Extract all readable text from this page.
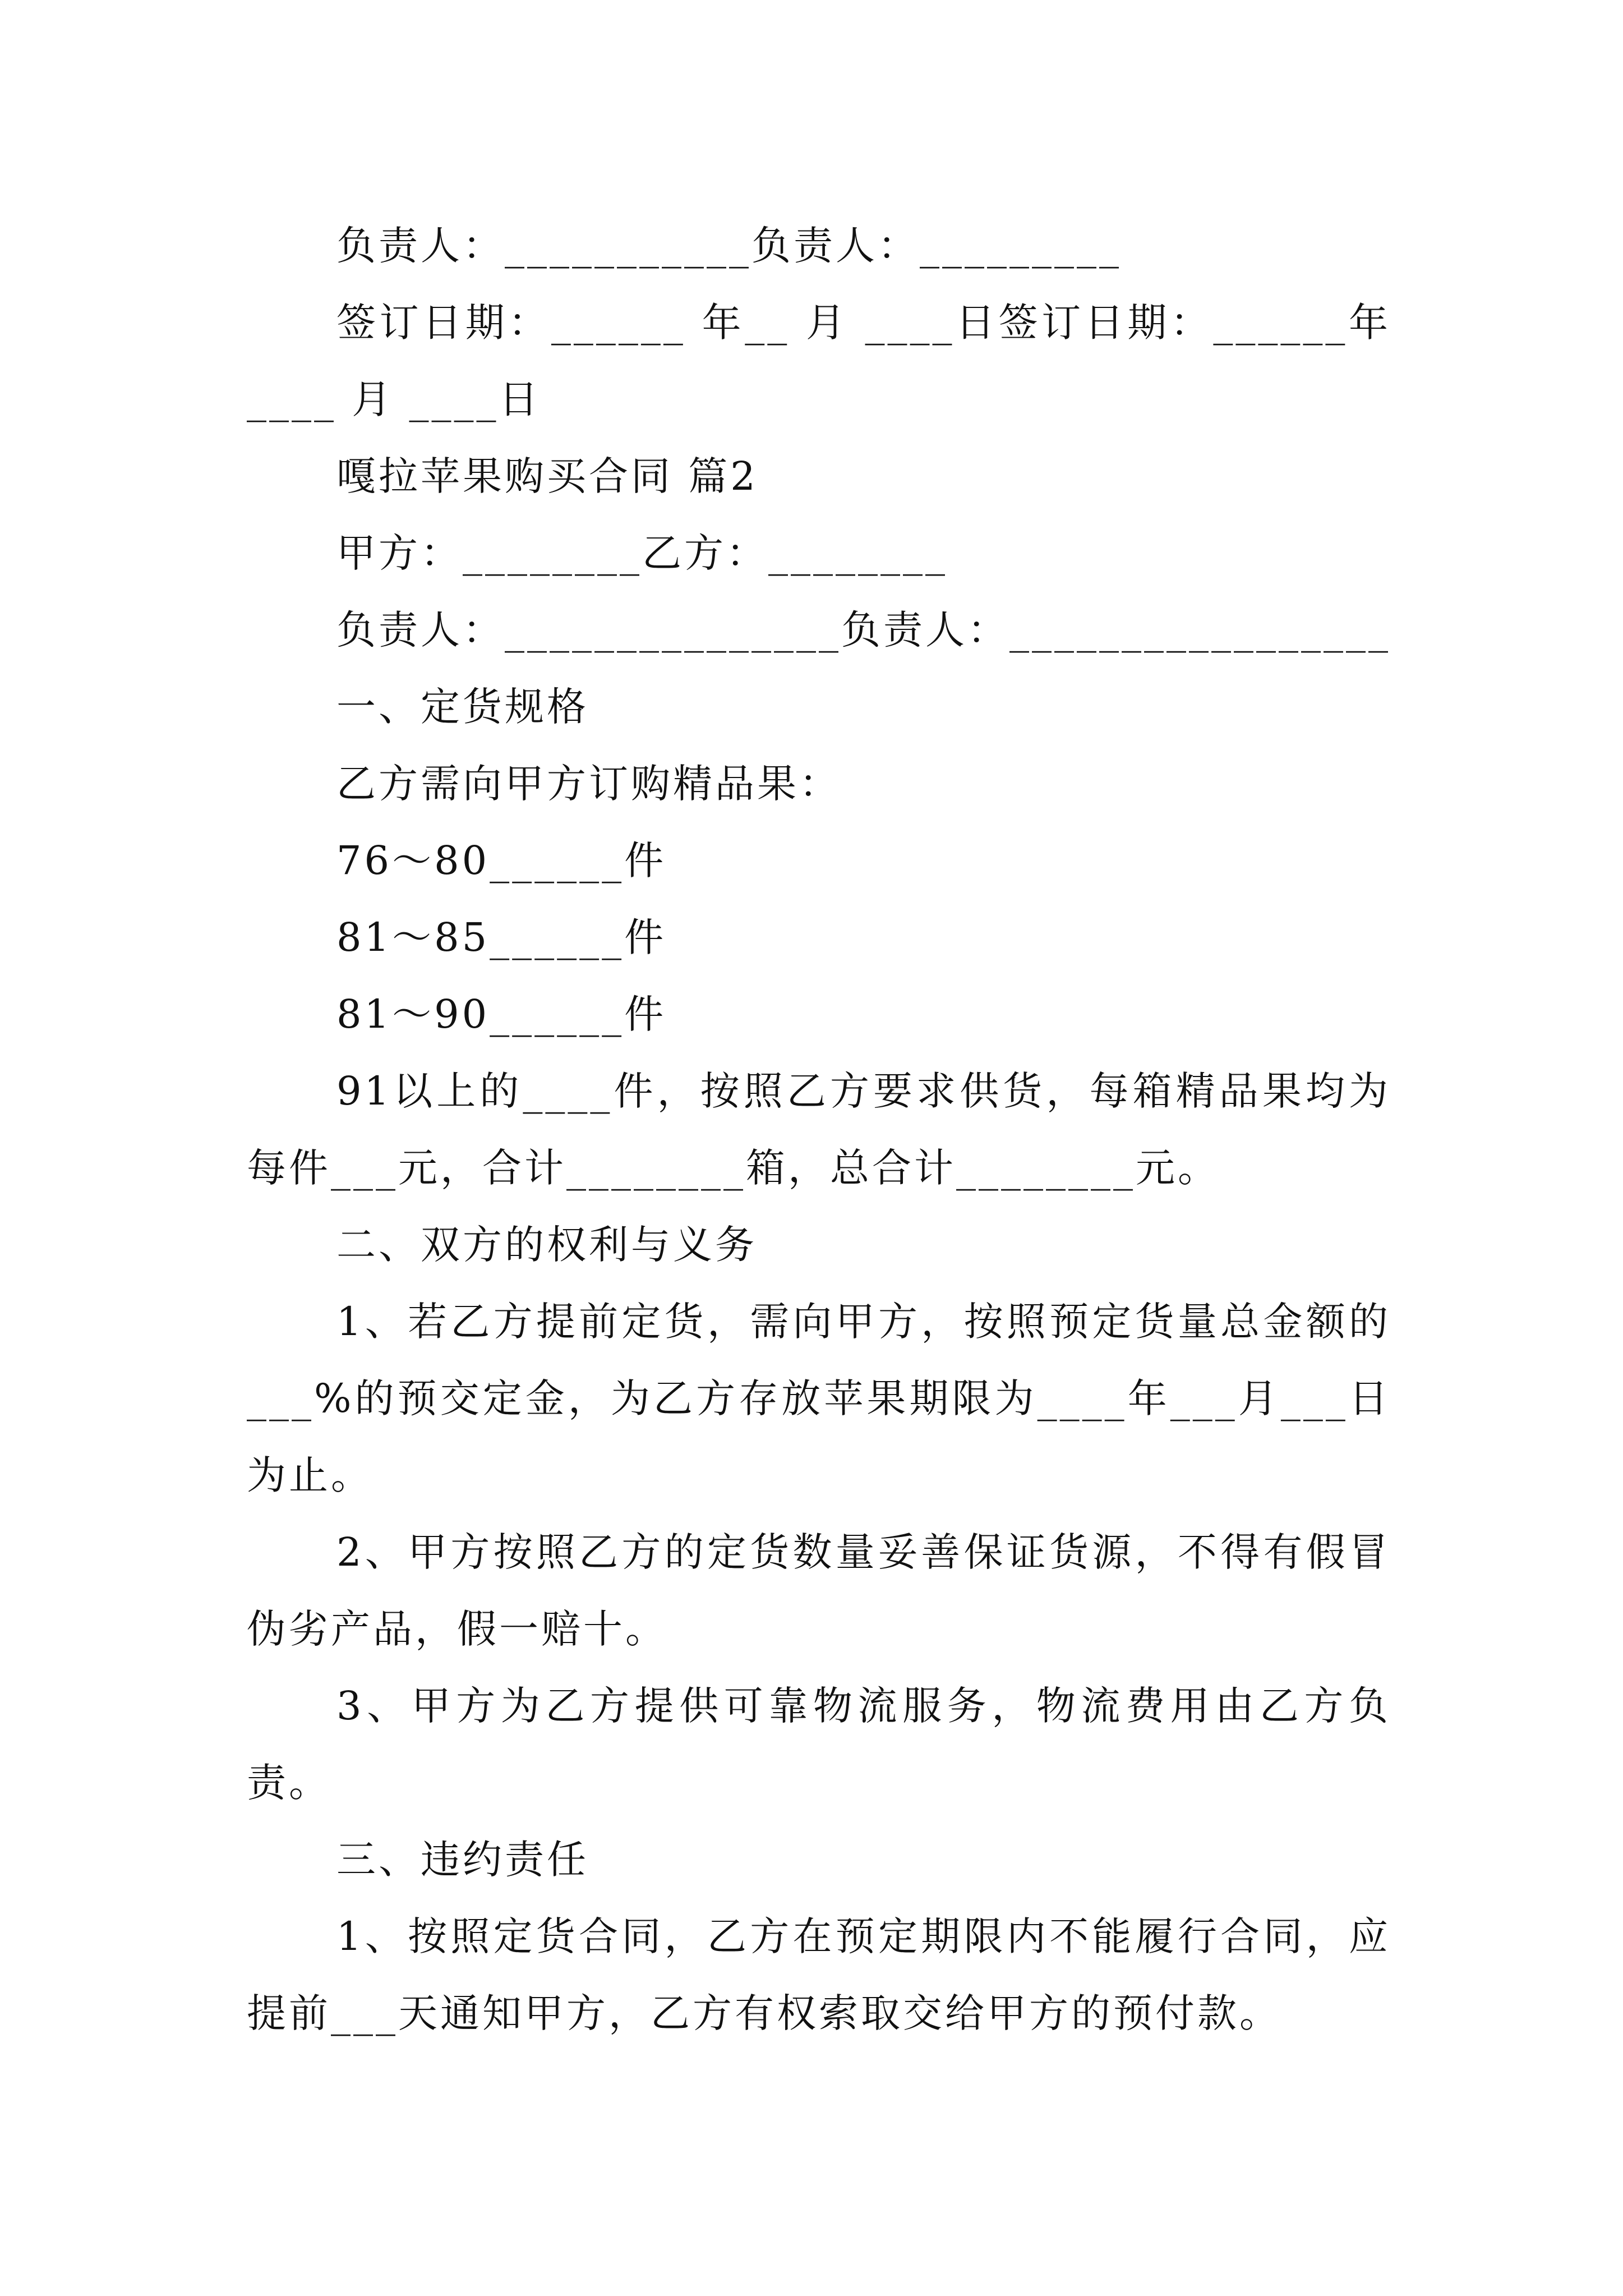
负责人：___________负责人：_________

签订日期：______ 年__ 月 ____日签订日期：______年____ 月 ____日

嘎拉苹果购买合同 篇2

甲方：________乙方：________

负责人：_______________负责人：_________________

一、定货规格

乙方需向甲方订购精品果：

76～80______件

81～85______件

81～90______件

91以上的____件，按照乙方要求供货，每箱精品果均为每件___元，合计________箱，总合计________元。

二、双方的权利与义务

1、若乙方提前定货，需向甲方，按照预定货量总金额的___%的预交定金，为乙方存放苹果期限为____年___月___日为止。

2、甲方按照乙方的定货数量妥善保证货源，不得有假冒伪劣产品，假一赔十。

3、甲方为乙方提供可靠物流服务，物流费用由乙方负责。

三、违约责任

1、按照定货合同，乙方在预定期限内不能履行合同，应提前___天通知甲方，乙方有权索取交给甲方的预付款。
